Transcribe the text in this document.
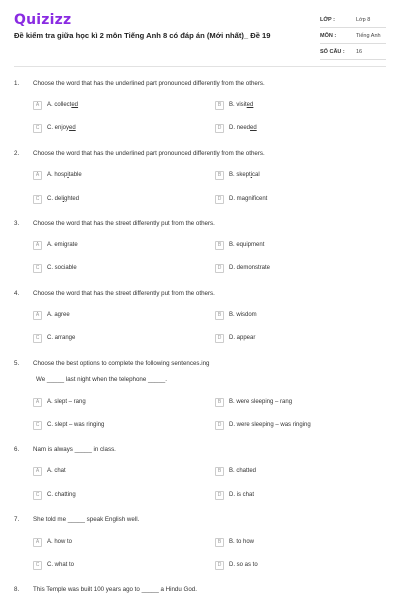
Quizizz
Đề kiểm tra giữa học kì 2 môn Tiếng Anh 8 có đáp án (Mới nhất)_ Đề 19
LỚP :	Lớp 8
MÔN :	Tiếng Anh
SỐ CÂU :	16
1. Choose the word that has the underlined part pronounced differently from the others.
A	A. collected	B	B. visited
C	C. enjoyed	D	D. needed
2. Choose the word that has the underlined part pronounced differently from the others.
A	A. hospitable	B	B. skeptical
C	C. delighted	D	D. magnificent
3. Choose the word that has the street differently put from the others.
A	A. emigrate	B	B. equipment
C	C. sociable	D	D. demonstrate
4. Choose the word that has the street differently put from the others.
A	A. agree	B	B. wisdom
C	C. arrange	D	D. appear
5. Choose the best options to complete the following sentences.ing
We _____ last night when the telephone _____.
A	A. slept – rang	B	B. were sleeping – rang
C	C. slept – was ringing	D	D. were sleeping – was ringing
6. Nam is always _____ in class.
A	A. chat	B	B. chatted
C	C. chatting	D	D. is chat
7. She told me _____ speak English well.
A	A. how to	B	B. to how
C	C. what to	D	D. so as to
8. This Temple was built 100 years ago to _____ a Hindu God.
